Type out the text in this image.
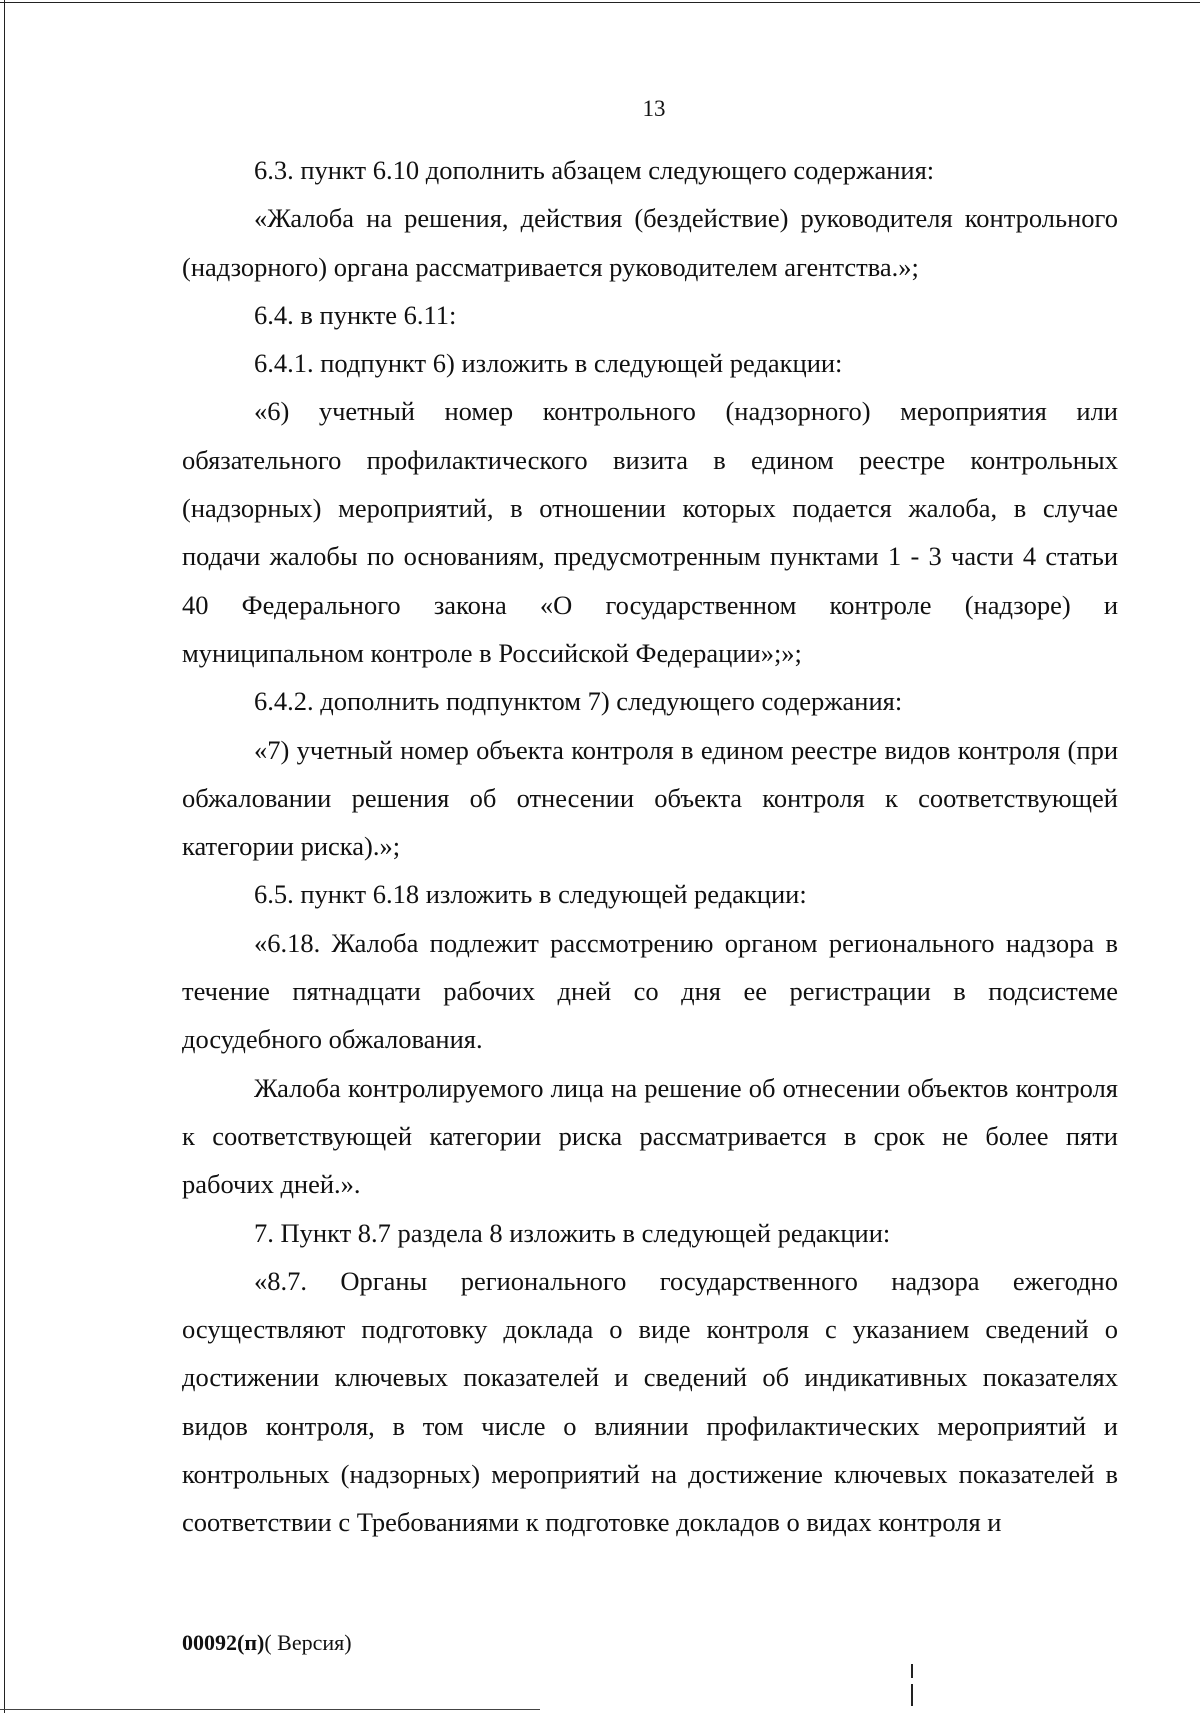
13

6.3. пункт 6.10 дополнить абзацем следующего содержания:

«Жалоба на решения, действия (бездействие) руководителя контрольного (надзорного) органа рассматривается руководителем агентства.»;

6.4. в пункте 6.11:

6.4.1. подпункт 6) изложить в следующей редакции:

«6) учетный номер контрольного (надзорного) мероприятия или обязательного профилактического визита в едином реестре контрольных (надзорных) мероприятий, в отношении которых подается жалоба, в случае подачи жалобы по основаниям, предусмотренным пунктами 1 - 3 части 4 статьи 40 Федерального закона «О государственном контроле (надзоре) и муниципальном контроле в Российской Федерации»;»;

6.4.2. дополнить подпунктом 7) следующего содержания:

«7) учетный номер объекта контроля в едином реестре видов контроля (при обжаловании решения об отнесении объекта контроля к соответствующей категории риска).»;

6.5. пункт 6.18 изложить в следующей редакции:

«6.18. Жалоба подлежит рассмотрению органом регионального надзора в течение пятнадцати рабочих дней со дня ее регистрации в подсистеме досудебного обжалования.

Жалоба контролируемого лица на решение об отнесении объектов контроля к соответствующей категории риска рассматривается в срок не более пяти рабочих дней.».

7. Пункт 8.7 раздела 8 изложить в следующей редакции:

«8.7. Органы регионального государственного надзора ежегодно осуществляют подготовку доклада о виде контроля с указанием сведений о достижении ключевых показателей и сведений об индикативных показателях видов контроля, в том числе о влиянии профилактических мероприятий и контрольных (надзорных) мероприятий на достижение ключевых показателей в соответствии с Требованиями к подготовке докладов о видах контроля и

00092(п)( Версия)
